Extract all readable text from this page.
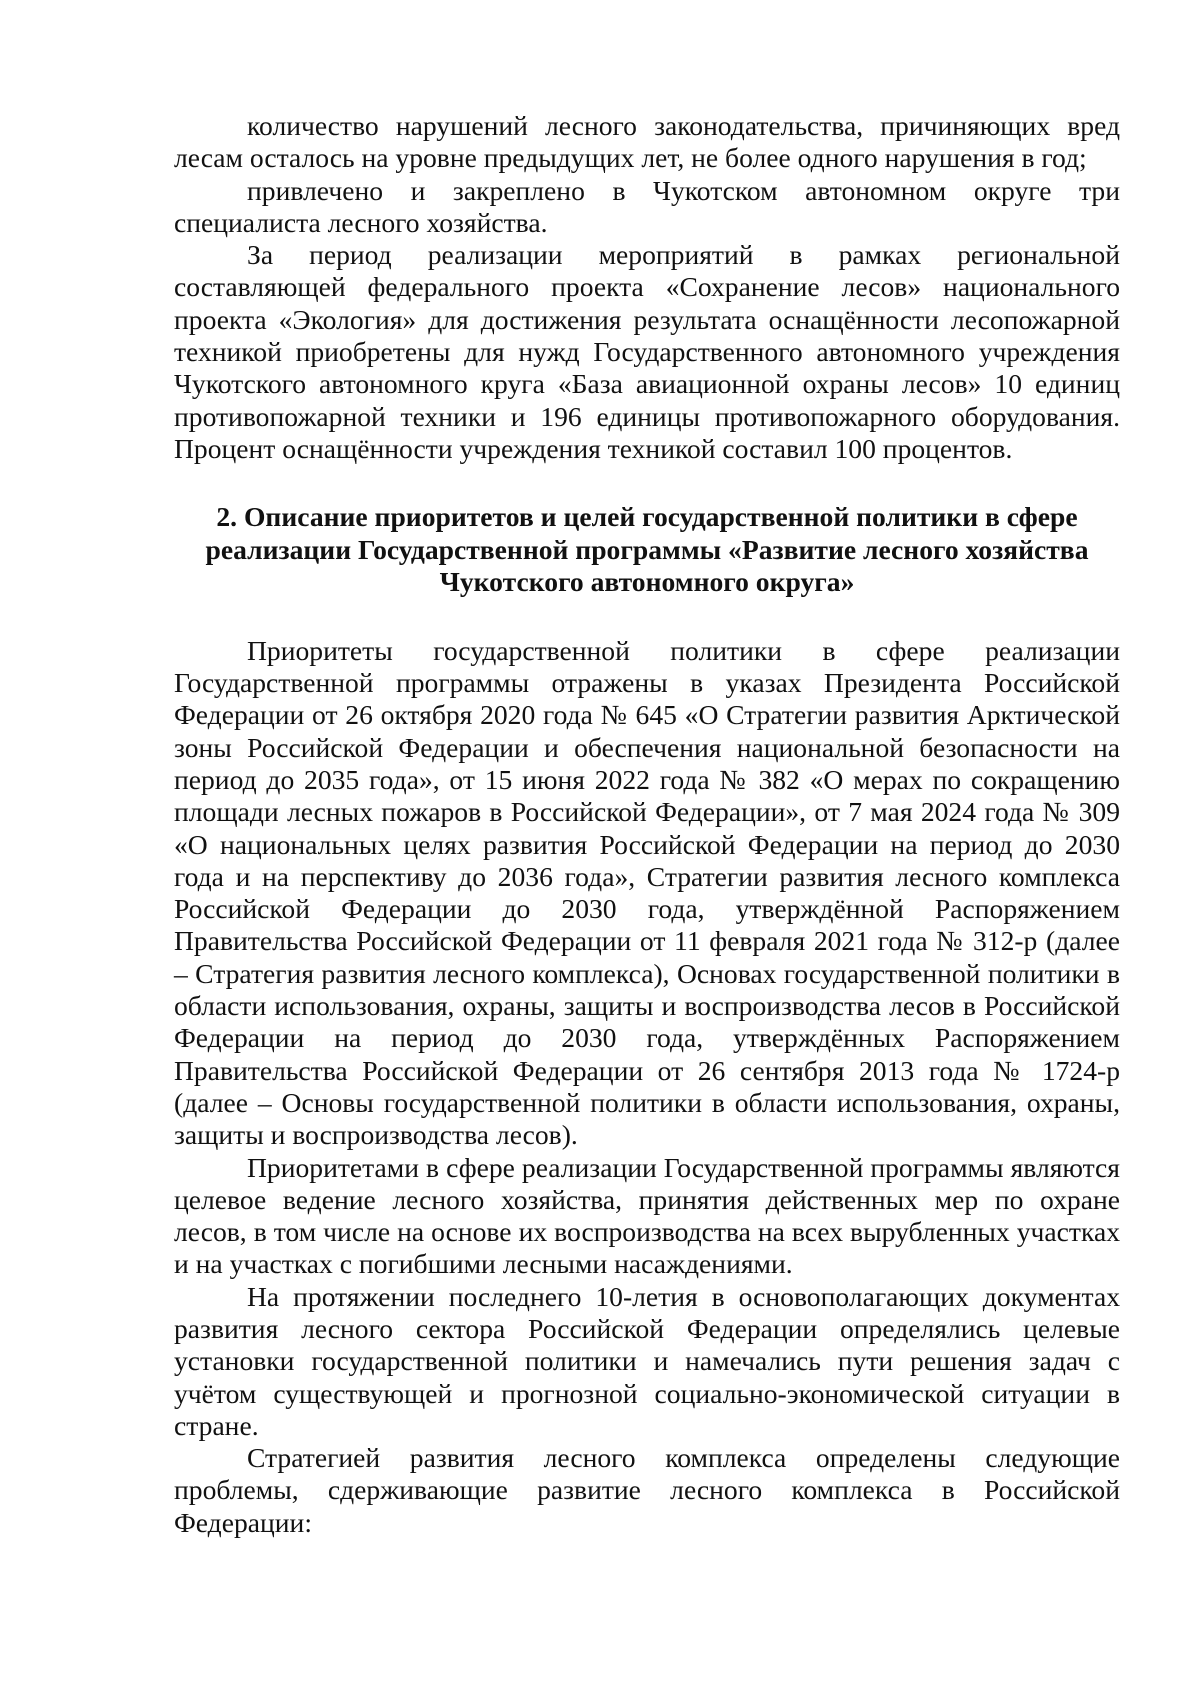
количество нарушений лесного законодательства, причиняющих вред лесам осталось на уровне предыдущих лет, не более одного нарушения в год;

привлечено и закреплено в Чукотском автономном округе три специалиста лесного хозяйства.

За период реализации мероприятий в рамках региональной составляющей федерального проекта «Сохранение лесов» национального проекта «Экология» для достижения результата оснащённости лесопожарной техникой приобретены для нужд Государственного автономного учреждения Чукотского автономного круга «База авиационной охраны лесов» 10 единиц противопожарной техники и 196 единицы противопожарного оборудования. Процент оснащённости учреждения техникой составил 100 процентов.

2. Описание приоритетов и целей государственной политики в сфере
реализации Государственной программы «Развитие лесного хозяйства
Чукотского автономного округа»

Приоритеты государственной политики в сфере реализации Государственной программы отражены в указах Президента Российской Федерации от 26 октября 2020 года № 645 «О Стратегии развития Арктической зоны Российской Федерации и обеспечения национальной безопасности на период до 2035 года», от 15 июня 2022 года № 382 «О мерах по сокращению площади лесных пожаров в Российской Федерации», от 7 мая 2024 года № 309 «О национальных целях развития Российской Федерации на период до 2030 года и на перспективу до 2036 года», Стратегии развития лесного комплекса Российской Федерации до 2030 года, утверждённой Распоряжением Правительства Российской Федерации от 11 февраля 2021 года № 312-р (далее – Стратегия развития лесного комплекса), Основах государственной политики в области использования, охраны, защиты и воспроизводства лесов в Российской Федерации на период до 2030 года, утверждённых Распоряжением Правительства Российской Федерации от 26 сентября 2013 года № 1724-р (далее – Основы государственной политики в области использования, охраны, защиты и воспроизводства лесов).

Приоритетами в сфере реализации Государственной программы являются целевое ведение лесного хозяйства, принятия действенных мер по охране лесов, в том числе на основе их воспроизводства на всех вырубленных участках и на участках с погибшими лесными насаждениями.

На протяжении последнего 10-летия в основополагающих документах развития лесного сектора Российской Федерации определялись целевые установки государственной политики и намечались пути решения задач с учётом существующей и прогнозной социально-экономической ситуации в стране.

Стратегией развития лесного комплекса определены следующие проблемы, сдерживающие развитие лесного комплекса в Российской Федерации:
